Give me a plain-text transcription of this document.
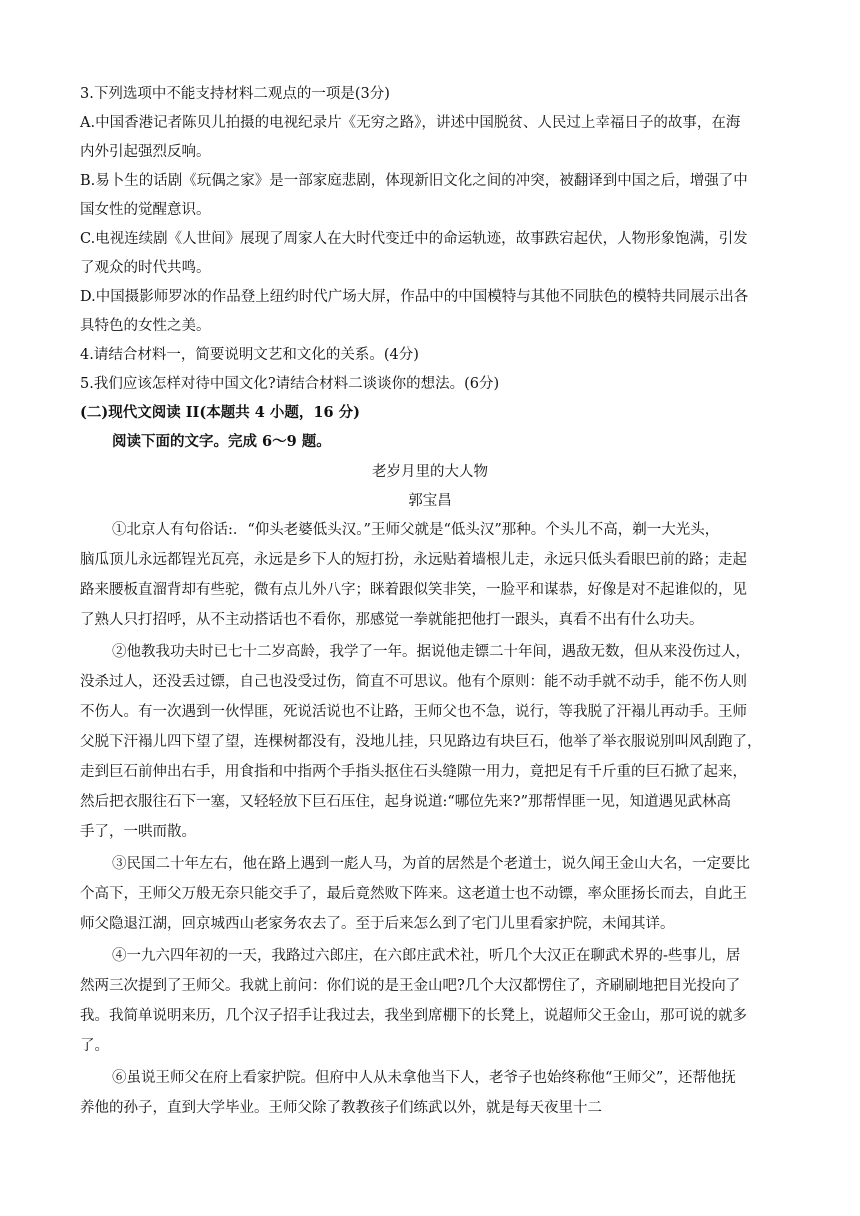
3.下列选项中不能支持材料二观点的一项是(3分)
A.中国香港记者陈贝儿拍摄的电视纪录片《无穷之路》，讲述中国脱贫、人民过上幸福日子的故事，在海
内外引起强烈反响。
B.易卜生的话剧《玩偶之家》是一部家庭悲剧，体现新旧文化之间的冲突，被翻译到中国之后，增强了中
国女性的觉醒意识。
C.电视连续剧《人世间》展现了周家人在大时代变迁中的命运轨迹，故事跌宕起伏，人物形象饱满，引发
了观众的时代共鸣。
D.中国摄影师罗冰的作品登上纽约时代广场大屏，作品中的中国模特与其他不同肤色的模特共同展示出各
具特色的女性之美。
4.请结合材料一，简要说明文艺和文化的关系。(4分)
5.我们应该怎样对待中国文化?请结合材料二谈谈你的想法。(6分)
(二)现代文阅读 II(本题共 4 小题，16 分)
阅读下面的文字。完成 6～9 题。
老岁月里的大人物
郭宝昌
①北京人有句俗话:．“仰头老婆低头汉。”王师父就是“低头汉”那种。个头儿不高，剃一大光头，
脑瓜顶儿永远都锃光瓦亮，永远是乡下人的短打扮，永远贴着墙根儿走，永远只低头看眼巴前的路；走起
路来腰板直溜背却有些驼，微有点儿外八字；眯着跟似笑非笑，一脸平和谋恭，好像是对不起谁似的，见
了熟人只打招呼，从不主动搭话也不看你，那感觉一拳就能把他打一跟头，真看不出有什么功夫。
②他教我功夫时已七十二岁高龄，我学了一年。据说他走镖二十年间，遇敌无数，但从来没伤过人，
没杀过人，还没丢过镖，自己也没受过伤，简直不可思议。他有个原则：能不动手就不动手，能不伤人则
不伤人。有一次遇到一伙悍匪，死说活说也不让路，王师父也不急，说行，等我脱了汗褟儿再动手。王师
父脱下汗褟儿四下望了望，连棵树都没有，没地儿挂，只见路边有块巨石，他举了举衣服说别叫风刮跑了，
走到巨石前伸出右手，用食指和中指两个手指头抠住石头缝隙一用力，竟把足有千斤重的巨石掀了起来，
然后把衣服往石下一塞，又轻轻放下巨石压住，起身说道:“哪位先来?”那帮悍匪一见，知道遇见武林高
手了，一哄而散。
③民国二十年左右，他在路上遇到一彪人马，为首的居然是个老道士，说久闻王金山大名，一定要比
个高下，王师父万般无奈只能交手了，最后竟然败下阵来。这老道士也不动镖，率众匪扬长而去，自此王
师父隐退江湖，回京城西山老家务农去了。至于后来怎么到了宅门儿里看家护院，未闻其详。
④一九六四年初的一天，我路过六郎庄，在六郎庄武术社，听几个大汉正在聊武术界的-些事儿，居
然两三次提到了王师父。我就上前问：你们说的是王金山吧?几个大汉都愣住了，齐刷刷地把目光投向了
我。我简单说明来历，几个汉子招手让我过去，我坐到席棚下的长凳上，说超师父王金山，那可说的就多
了。
⑥虽说王师父在府上看家护院。但府中人从未拿他当下人，老爷子也始终称他“王师父”，还帮他抚
养他的孙子，直到大学毕业。王师父除了教教孩子们练武以外，就是每天夜里十二
